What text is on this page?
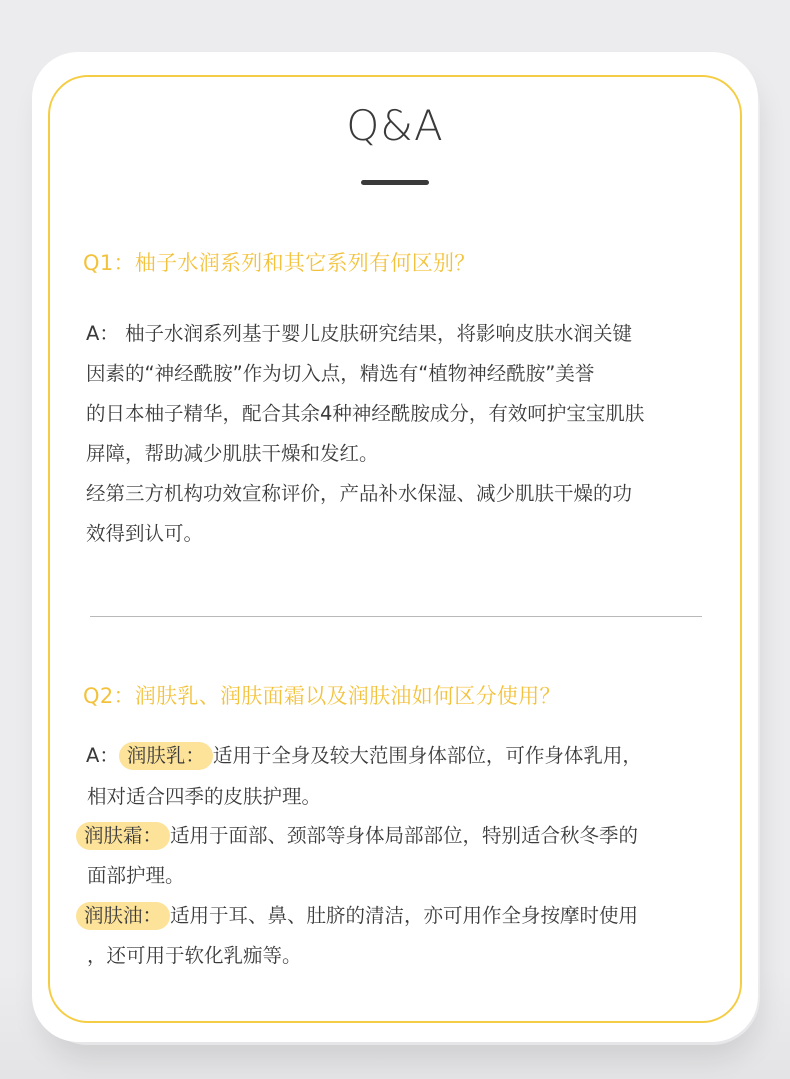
Q&A
Q1：柚子水润系列和其它系列有何区别？

A： 柚子水润系列基于婴儿皮肤研究结果，将影响皮肤水润关键

因素的“神经酰胺”作为切入点，精选有“植物神经酰胺”美誉

的日本柚子精华，配合其余4种神经酰胺成分，有效呵护宝宝肌肤

屏障，帮助减少肌肤干燥和发红。

经第三方机构功效宣称评价，产品补水保湿、减少肌肤干燥的功

效得到认可。

Q2：润肤乳、润肤面霜以及润肤油如何区分使用？
A： 润肤乳： 适用于全身及较大范围身体部位，可作身体乳用，
相对适合四季的皮肤护理。
润肤霜： 适用于面部、颈部等身体局部部位，特别适合秋冬季的
面部护理。
润肤油： 适用于耳、鼻、肚脐的清洁，亦可用作全身按摩时使用
，还可用于软化乳痂等。
